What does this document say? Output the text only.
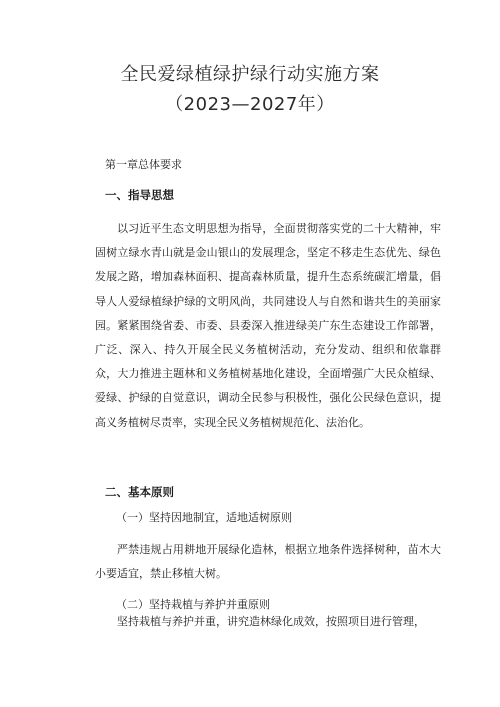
全民爱绿植绿护绿行动实施方案
（2023—2027年）
第一章总体要求
一、指导思想

以习近平生态文明思想为指导，全面贯彻落实党的二十大精神，牢固树立绿水青山就是金山银山的发展理念，坚定不移走生态优先、绿色发展之路，增加森林面积、提高森林质量，提升生态系统碳汇增量，倡导人人爱绿植绿护绿的文明风尚，共同建设人与自然和谐共生的美丽家园。紧紧围绕省委、市委、县委深入推进绿美广东生态建设工作部署，广泛、深入、持久开展全民义务植树活动，充分发动、组织和依靠群众，大力推进主题林和义务植树基地化建设，全面增强广大民众植绿、爱绿、护绿的自觉意识，调动全民参与积极性，强化公民绿色意识，提高义务植树尽责率，实现全民义务植树规范化、法治化。

二、基本原则
（一）坚持因地制宜，适地适树原则

严禁违规占用耕地开展绿化造林，根据立地条件选择树种，苗木大小要适宜，禁止移植大树。

（二）坚持栽植与养护并重原则

坚持栽植与养护并重，讲究造林绿化成效，按照项目进行管理，
